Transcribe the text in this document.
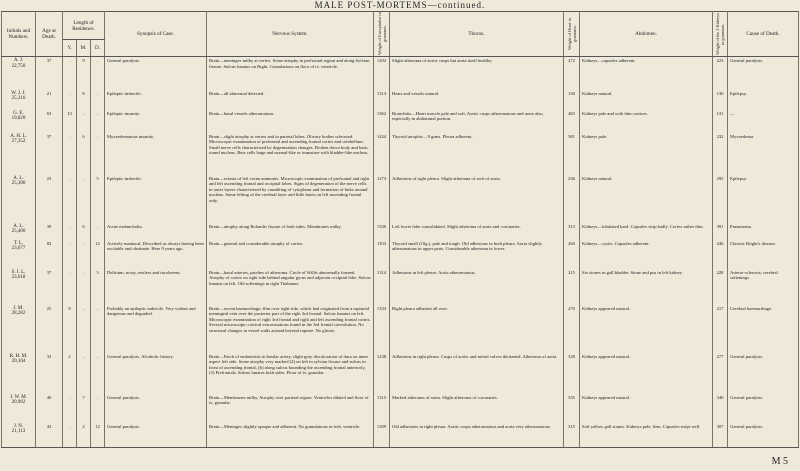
MALE POST-MORTEMS—continued.
Initials and Numbers.	Age at Death.	Length of Residence.			Synopsis of Case.	Nervous System.	Weight of Encephalon in grammes.	Thorax.	Weight of Heart in grammes.	Abdomen.	Weight of the 2 Kidneys in grammes.	Cause of Death.
		Y.	M.	D.								

A. J.
22,750	37	..	9	..	General paralysis.	Brain—meninges milky at vertex. Some atrophy in prefrontal region and along Sylvian fissure. Sulcus lunatus on Right. Granulations on floor of iv. ventricle.	1202	Slight atheroma of aortic cusps but aorta itself healthy.	272	Kidneys—capsules adherent.	223	General paralysis.

W. J. J.
25,316	21	..	8	..	Epileptic imbecile.	Brain—all abnormal detected.	1313	Heart and vessels natural.	130	Kidneys natural.	130	Epilepsy.

G. E.
19,820	63	13	..	..	Epileptic insanity.	Brain—basal vessels atheromatous.	1362	Bronchitis—Heart muscle pale and soft. Aortic cusps atheromatous and aorta also, especially in abdominal portion.	483	Kidneys pale and with thin cortices.	131	—

A. H. L.
27,352	37	..	6	..	Myxoedematous insanity.	Brain—slight atrophy at vertex and in parietal lobes. Olivary bodies sclerosed. Microscopic examination of prefrontal and ascending frontal cortex and cerebellum. Small nerve cells characterised by degeneration changes. Broken down body and basic round nucleus. Betz cells large and normal-like or immature with bladder-like nucleus.	1424	Thyroid atrophic—9 grms. Pleura adherent.	381	Kidneys pale.	232	Myxoedema.

A. L.
25,300	23	..	..	5	Epileptic imbecile.	Brain—ectasia of left cornu ammonis. Microscopic examination of prefrontal and right and left ascending frontal and occipital lobes. Signs of degeneration of the nerve cells in outer layers characterised by crumbling of cytoplasm and formation of links around nucleus. Some felting of the cerebral layer and little knots on left ascending frontal only.	1273	Adhesions of right pleura. Slight atheroma of arch of aorta.	236	Kidneys natural.	295	Epilepsy.

A. L.
25,400	39	..	6	..	Acute melancholia.	Brain—atrophy along Rolandic fissure of both sides. Membranes milky.	1330	Left lower lobe consolidated. Slight atheroma of aorta and coronaries.	313	Kidneys—lobulated hard. Capsules strip badly. Cortex rather thin.	391	Pneumonia.

T. L.
23,677	82	..	..	12	Actively maniacal. Described as always having been excitable and obstinate. Here 9 years ago.	Brain—general and considerable atrophy of cortex.	1103	Thyroid small (10g.), pale and tough. Old adhesions in both pleura. Aorta slightly atheromatous in upper parts. Considerable atheroma in lower.	260	Kidneys—cystic. Capsules adherent.	246	Chronic Bright's disease.

S. I. L.
23,618	37	..	..	3	Delirium, noisy, restless and incoherent.	Brain—basal arteries, patches of atheroma. Circle of Willis abnormally formed. Atrophy of cortex on right side behind angular gyrus and adjacent occipital lobe. Sulcus lunatus on left. Old softenings in right Thalamus.	1314	Adhesions in left pleura. Aorta atheromatous.	215	Six stones in gall bladder. Stone and pus in left kidney.	228	Arterio-sclerosis; cerebral softenings.

J. M.
28,282	25	8	..	..	Probably an epileptic imbecile. Very violent and dangerous and degraded.	Brain—recent haemorrhagic film over right side, which had originated from a ruptured meningeal vein over the posterior part of the right 3rd frontal. Sulcus lunatus on left. Microscopic examination of right 3rd frontal and right and left ascending frontal cortex. Several microscopic cortical extravasations found in the 3rd frontal convolution. No structural changes in vessel walls around beyond rupture. No gliosis.	1333	Right pleura adherent all over.	270	Kidneys appeared natural.	217	Cerebral haemorrhage.

R. H. M.
20,164	33	2	..	..	General paralysis. Alcoholic history.	Brain—Patch of endarteritis in basilar artery, slight gray discoloration of dura on inner aspect left side. Some atrophy very marked (2) on left in sylvian fissure and sulcus in front of ascending frontal, (b) along sulcus bounding the ascending frontal anteriorly, (3) Prefrontals. Sulcus lunatus both sides. Floor of iv. granular.	1238	Adhesions in right pleura. Cusps of aortic and mitral valves thickened. Atheroma of aorta.	328	Kidneys appeared natural.	277	General paralysis.

J. W. M.
20,962	40	..	7	..	General paralysis.	Brain—Membranes milky. Atrophy over parietal region. Ventricles dilated and floor of iv. granular.	1315	Marked atheroma of aorta. Slight atheroma of coronaries.	335	Kidneys appeared natural.	340	General paralysis.

J. N.
21,113	43	..	2	12	General paralysis.	Brain—Meninges slightly opaque and adherent. No granulations in ivth. ventricle.	1309	Old adhesions in right pleura. Aortic cusps atheromatous and aorta very atheromatous.	315	Soft yellow gall stones. Kidneys pale, firm. Capsules stript well.	307	General paralysis.
M 5
